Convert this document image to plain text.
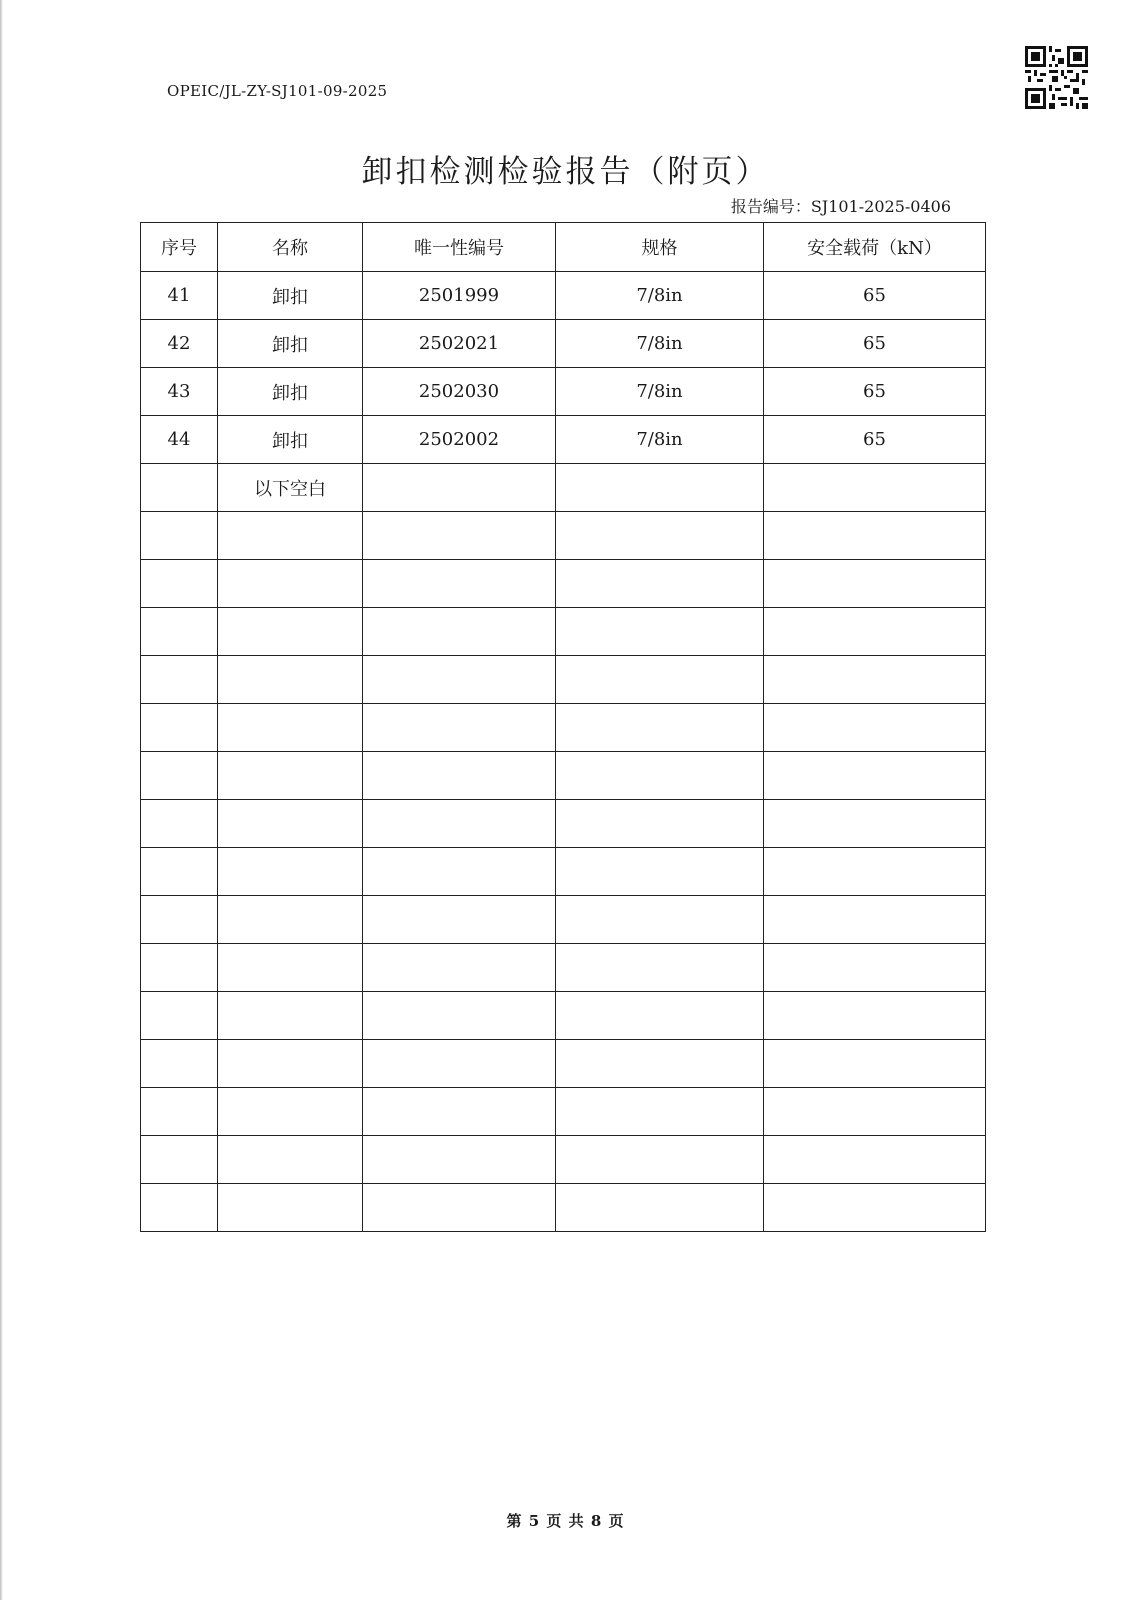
OPEIC/JL-ZY-SJ101-09-2025
卸扣检测检验报告（附页）
报告编号：SJ101-2025-0406
序号	名称	唯一性编号	规格	安全载荷（kN）
41	卸扣	2501999	7/8in	65
42	卸扣	2502021	7/8in	65
43	卸扣	2502030	7/8in	65
44	卸扣	2502002	7/8in	65
	以下空白			

第 5 页 共 8 页
